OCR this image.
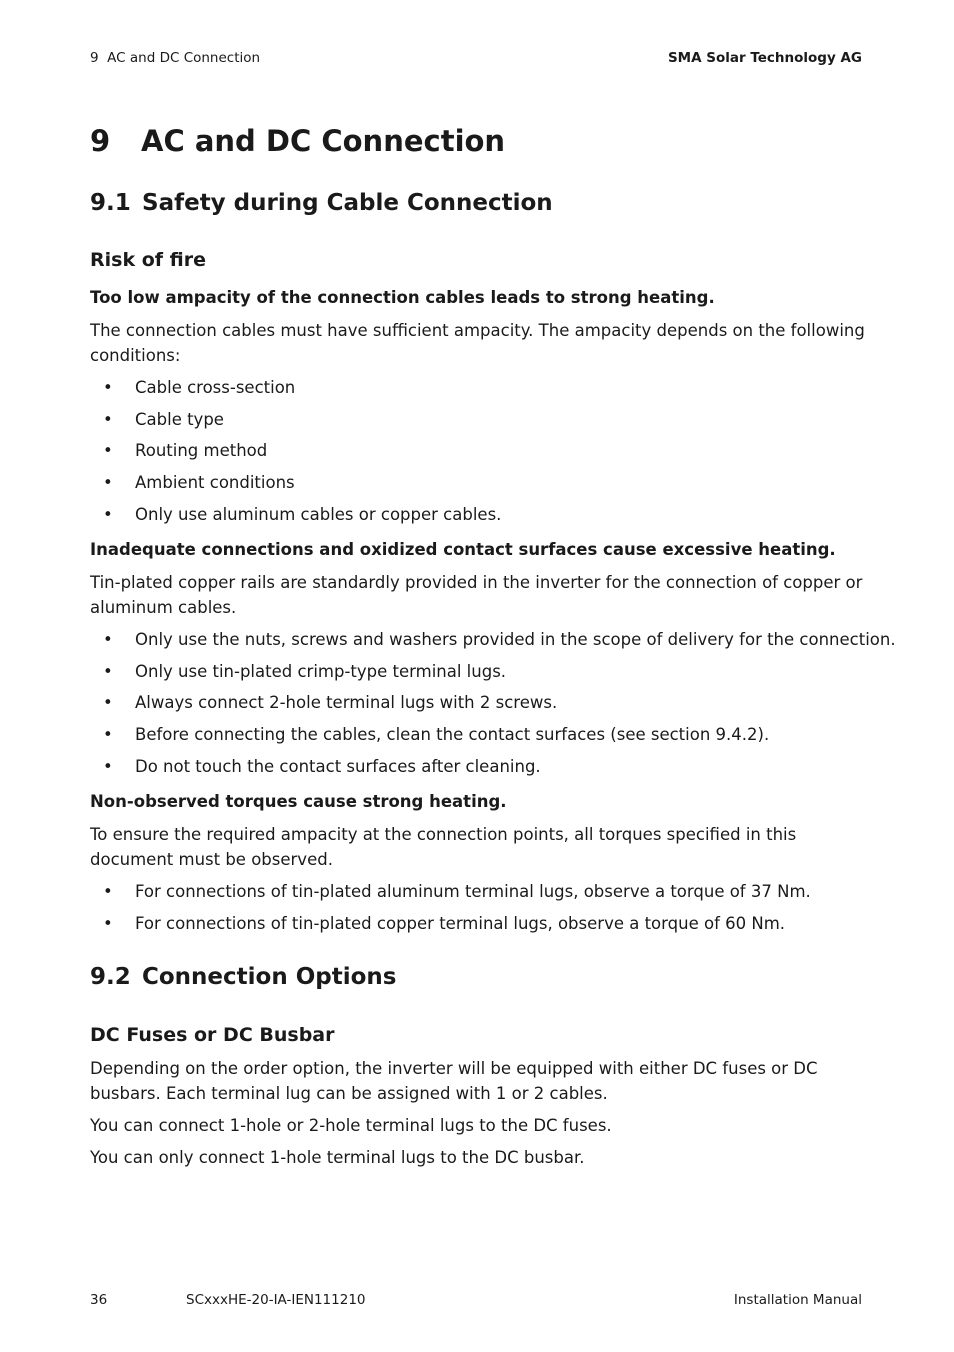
9  AC and DC Connection	SMA Solar Technology AG
9 AC and DC Connection
9.1 Safety during Cable Connection
Risk of fire

Too low ampacity of the connection cables leads to strong heating.

The connection cables must have sufficient ampacity. The ampacity depends on the following conditions:

• Cable cross-section

• Cable type

• Routing method

• Ambient conditions

• Only use aluminum cables or copper cables.

Inadequate connections and oxidized contact surfaces cause excessive heating.

Tin-plated copper rails are standardly provided in the inverter for the connection of copper or aluminum cables.

• Only use the nuts, screws and washers provided in the scope of delivery for the connection.

• Only use tin-plated crimp-type terminal lugs.

• Always connect 2-hole terminal lugs with 2 screws.

• Before connecting the cables, clean the contact surfaces (see section 9.4.2).

• Do not touch the contact surfaces after cleaning.

Non-observed torques cause strong heating.

To ensure the required ampacity at the connection points, all torques specified in this document must be observed.

• For connections of tin-plated aluminum terminal lugs, observe a torque of 37 Nm.

• For connections of tin-plated copper terminal lugs, observe a torque of 60 Nm.

9.2 Connection Options
DC Fuses or DC Busbar

Depending on the order option, the inverter will be equipped with either DC fuses or DC busbars. Each terminal lug can be assigned with 1 or 2 cables.

You can connect 1-hole or 2-hole terminal lugs to the DC fuses.

You can only connect 1-hole terminal lugs to the DC busbar.

36	SCxxxHE-20-IA-IEN111210	Installation Manual
